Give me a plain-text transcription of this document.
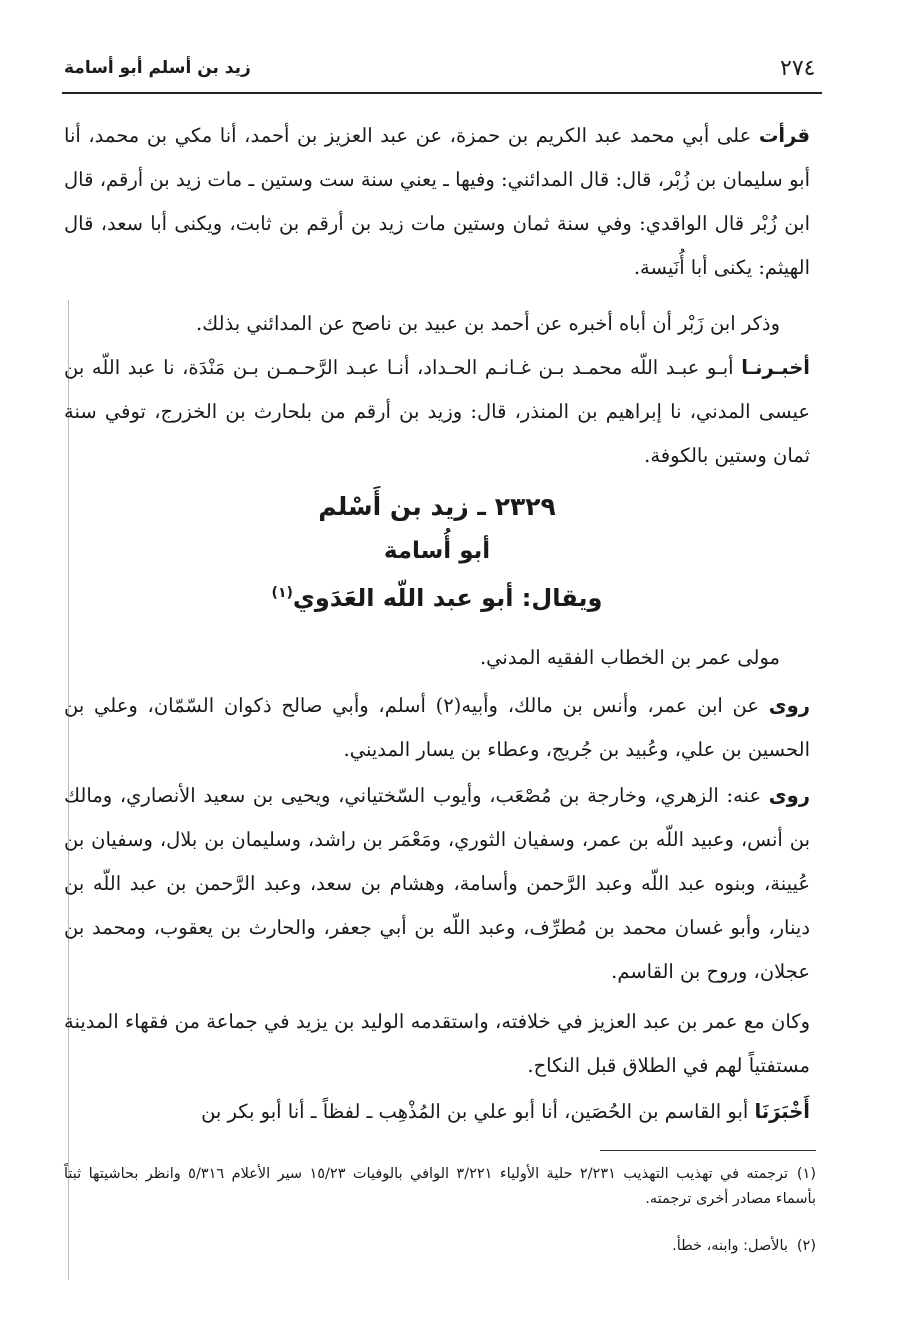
٢٧٤
زيد بن أسلم أبو أسامة

قرأت على أبي محمد عبد الكريم بن حمزة، عن عبد العزيز بن أحمد، أنا مكي بن محمد، أنا أبو سليمان بن زُبْر، قال: قال المدائني: وفيها ـ يعني سنة ست وستين ـ مات زيد بن أرقم، قال ابن زُبْر قال الواقدي: وفي سنة ثمان وستين مات زيد بن أرقم بن ثابت، ويكنى أبا سعد، قال الهيثم: يكنى أبا أُنَيسة.

وذكر ابن زَبْر أن أباه أخبره عن أحمد بن عبيد بن ناصح عن المدائني بذلك.

أخبـرنـا أبـو عبـد اللّه محمـد بـن غـانـم الحـداد، أنـا عبـد الرَّحـمـن بـن مَنْدَة، نا عبد اللّه بن عيسى المدني، نا إبراهيم بن المنذر، قال: وزيد بن أرقم من بلحارث بن الخزرج، توفي سنة ثمان وستين بالكوفة.

٢٣٢٩ ـ زيد بن أَسْلم
أبو أُسامة
ويقال: أبو عبد اللّه العَدَوي$^{(١)}$

مولى عمر بن الخطاب الفقيه المدني.

روى عن ابن عمر، وأنس بن مالك، وأبيه(٢) أسلم، وأبي صالح ذكوان السّمّان، وعلي بن الحسين بن علي، وعُبيد بن جُريج، وعطاء بن يسار المديني.

روى عنه: الزهري، وخارجة بن مُصْعَب، وأيوب السّختياني، ويحيى بن سعيد الأنصاري، ومالك بن أنس، وعبيد اللّه بن عمر، وسفيان الثوري، ومَعْمَر بن راشد، وسليمان بن بلال، وسفيان بن عُيينة، وبنوه عبد اللّه وعبد الرَّحمن وأسامة، وهشام بن سعد، وعبد الرَّحمن بن عبد اللّه بن دينار، وأبو غسان محمد بن مُطرِّف، وعبد اللّه بن أبي جعفر، والحارث بن يعقوب، ومحمد بن عجلان، وروح بن القاسم.

وكان مع عمر بن عبد العزيز في خلافته، واستقدمه الوليد بن يزيد في جماعة من فقهاء المدينة مستفتياً لهم في الطلاق قبل النكاح.

أَخْبَرَنَا أبو القاسم بن الحُصَين، أنا أبو علي بن المُذْهِب ـ لفظاً ـ أنا أبو بكر بن

(١)ترجمته في تهذيب التهذيب ٢/٢٣١ حلية الأولياء ٣/٢٢١ الوافي بالوفيات ١٥/٢٣ سير الأعلام ٥/٣١٦ وانظر بحاشيتها ثبتاً بأسماء مصادر أخرى ترجمته.

(٢)بالأصل: وابنه، خطأ.
